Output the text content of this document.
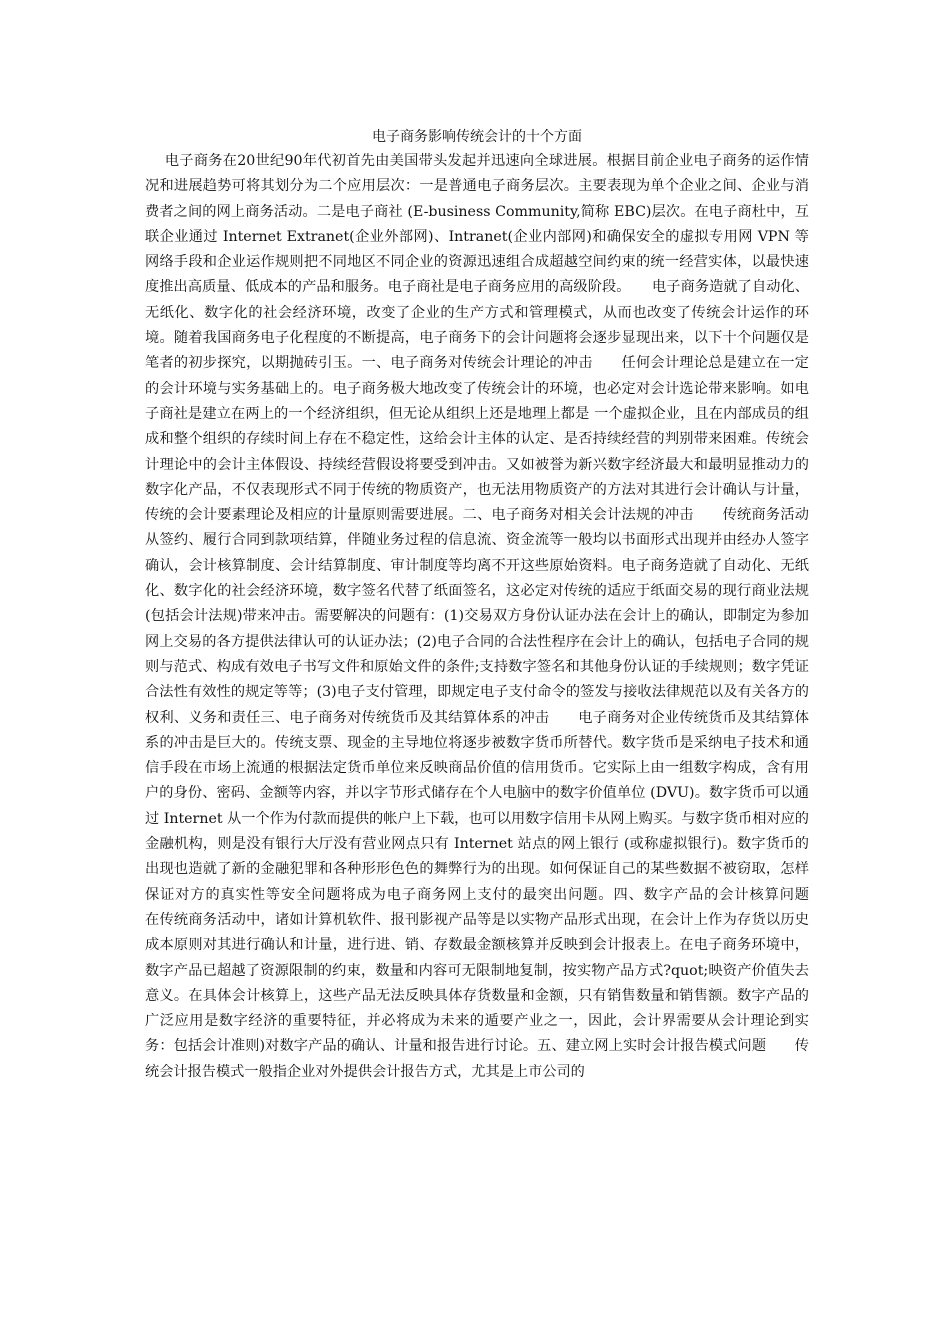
电子商务影响传统会计的十个方面

电子商务在20世纪90年代初首先由美国带头发起并迅速向全球进展。根据目前企业电子商务的运作情况和进展趋势可将其划分为二个应用层次：一是普通电子商务层次。主要表现为单个企业之间、企业与消费者之间的网上商务活动。二是电子商社 (E-business Community,简称 EBC)层次。在电子商杜中，互联企业通过 Internet Extranet(企业外部网)、Intranet(企业内部网)和确保安全的虚拟专用网 VPN 等网络手段和企业运作规则把不同地区不同企业的资源迅速组合成超越空间约束的统一经营实体，以最快速度推出高质量、低成本的产品和服务。电子商社是电子商务应用的高级阶段。　　电子商务造就了自动化、无纸化、数字化的社会经济环境，改变了企业的生产方式和管理模式，从而也改变了传统会计运作的环境。随着我国商务电子化程度的不断提高，电子商务下的会计问题将会逐步显现出来，以下十个问题仅是笔者的初步探究，以期抛砖引玉。一、电子商务对传统会计理论的冲击　　任何会计理论总是建立在一定的会计环境与实务基础上的。电子商务极大地改变了传统会计的环境，也必定对会计选论带来影响。如电子商社是建立在两上的一个经济组织，但无论从组织上还是地理上都是 一个虚拟企业，且在内部成员的组成和整个组织的存续时间上存在不稳定性，这给会计主体的认定、是否持续经营的判别带来困难。传统会计理论中的会计主体假设、持续经营假设将要受到冲击。又如被誉为新兴数字经济最大和最明显推动力的数字化产品，不仅表现形式不同于传统的物质资产，也无法用物质资产的方法对其进行会计确认与计量，传统的会计要素理论及相应的计量原则需要进展。二、电子商务对相关会计法规的冲击　　传统商务活动从签约、履行合同到款项结算，伴随业务过程的信息流、资金流等一般均以书面形式出现并由经办人签字确认，会计核算制度、会计结算制度、审计制度等均离不开这些原始资料。电子商务造就了自动化、无纸化、数字化的社会经济环境，数字签名代替了纸面签名，这必定对传统的适应于纸面交易的现行商业法规(包括会计法规)带来冲击。需要解决的问题有：(1)交易双方身份认证办法在会计上的确认，即制定为参加网上交易的各方提供法律认可的认证办法；(2)电子合同的合法性程序在会计上的确认，包括电子合同的规则与范式、构成有效电子书写文件和原始文件的条件;支持数字签名和其他身份认证的手续规则；数字凭证合法性有效性的规定等等；(3)电子支付管理，即规定电子支付命令的签发与接收法律规范以及有关各方的权利、义务和责任三、电子商务对传统货币及其结算体系的冲击　　电子商务对企业传统货币及其结算体系的冲击是巨大的。传统支票、现金的主导地位将逐步被数字货币所替代。数字货币是采纳电子技术和通信手段在市场上流通的根据法定货币单位来反映商品价值的信用货币。它实际上由一组数字构成，含有用户的身份、密码、金额等内容，并以字节形式储存在个人电脑中的数字价值单位 (DVU)。数字货币可以通过 Internet 从一个作为付款而提供的帐户上下载，也可以用数字信用卡从网上购买。与数字货币相对应的金融机构，则是没有银行大厅没有营业网点只有 Internet 站点的网上银行 (或称虚拟银行)。数字货币的出现也造就了新的金融犯罪和各种形形色色的舞弊行为的出现。如何保证自己的某些数据不被窃取，怎样保证对方的真实性等安全问题将成为电子商务网上支付的最突出问题。四、数字产品的会计核算问题　　在传统商务活动中，诸如计算机软件、报刊影视产品等是以实物产品形式出现，在会计上作为存货以历史成本原则对其进行确认和计量，进行进、销、存数最金额核算并反映到会计报表上。在电子商务环境中，数字产品已超越了资源限制的约束，数量和内容可无限制地复制，按实物产品方式?quot;映资产价值失去意义。在具体会计核算上，这些产品无法反映具体存货数量和金额，只有销售数量和销售额。数字产品的广泛应用是数字经济的重要特征，并必将成为未来的遁要产业之一，因此，会计界需要从会计理论到实务：包括会计准则)对数字产品的确认、计量和报告进行讨论。五、建立网上实时会计报告模式问题　　传统会计报告模式一般指企业对外提供会计报告方式，尤其是上市公司的
